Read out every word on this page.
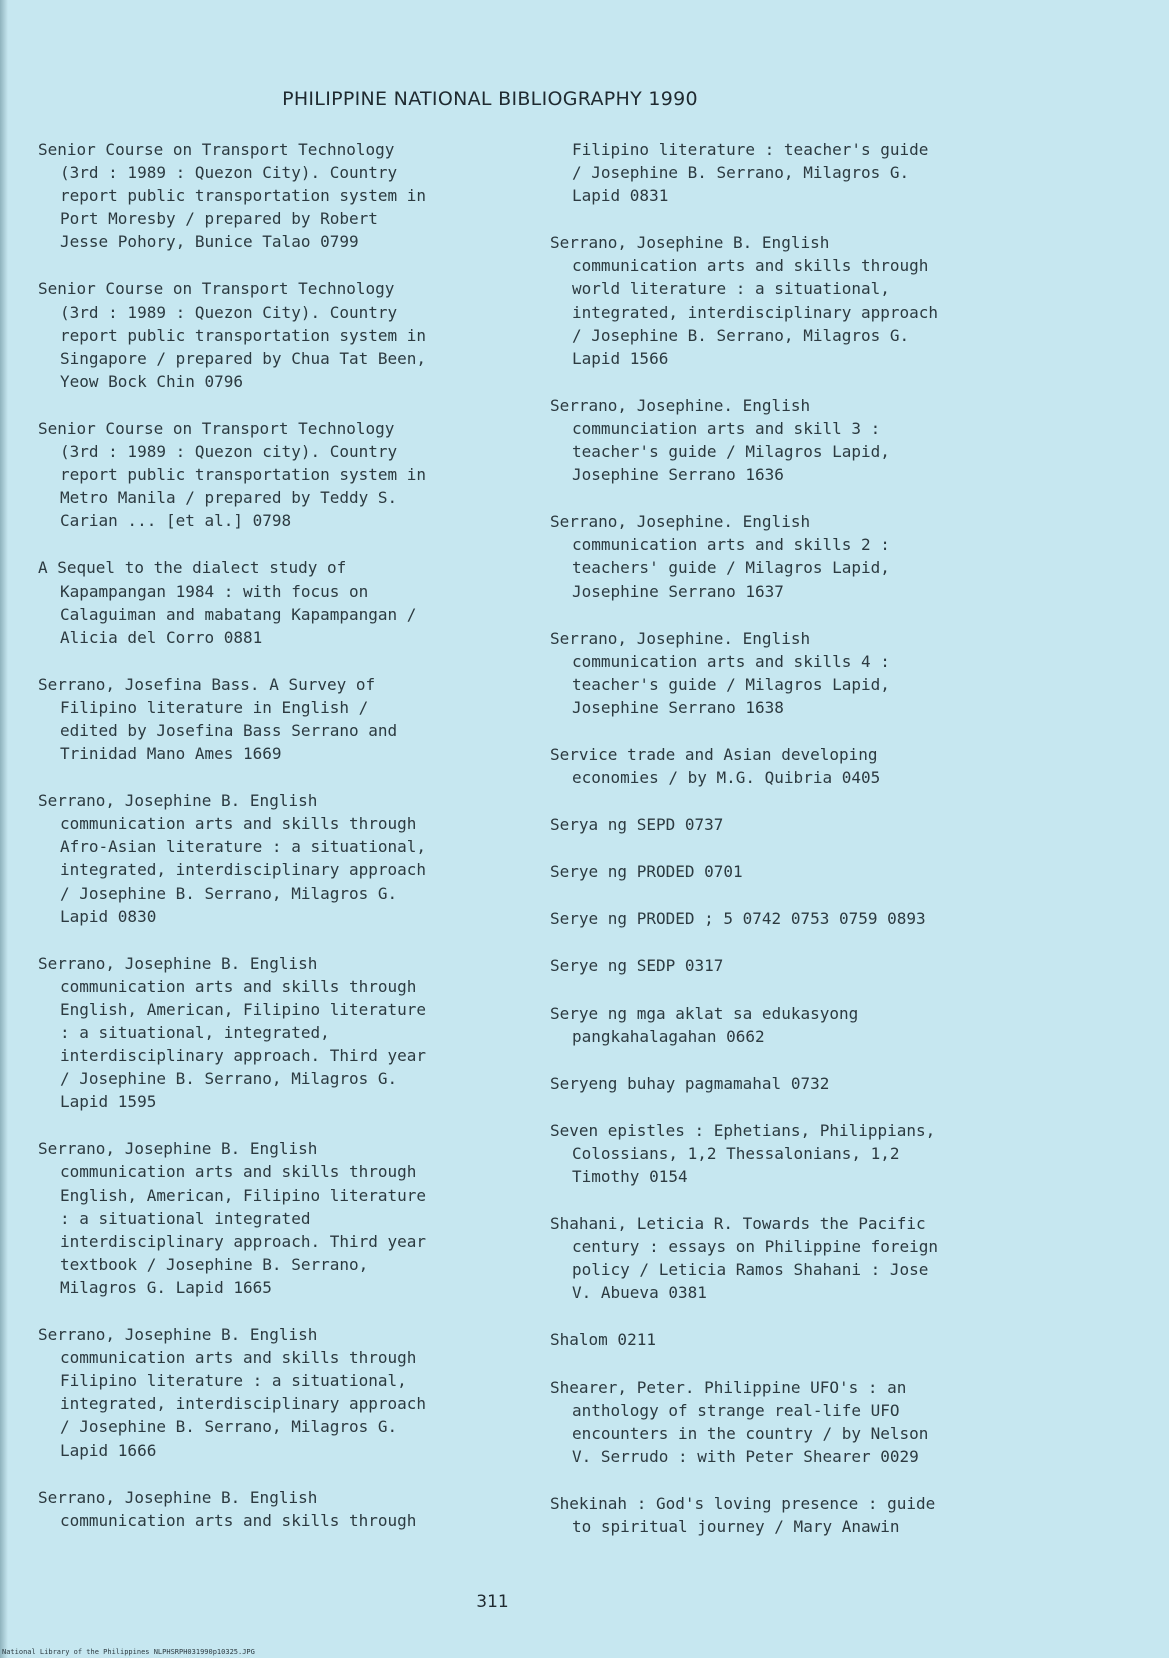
PHILIPPINE NATIONAL BIBLIOGRAPHY 1990
Senior Course on Transport Technology
(3rd : 1989 : Quezon City). Country
report public transportation system in
Port Moresby / prepared by Robert
Jesse Pohory, Bunice Talao 0799
Senior Course on Transport Technology
(3rd : 1989 : Quezon City). Country
report public transportation system in
Singapore / prepared by Chua Tat Been,
Yeow Bock Chin 0796
Senior Course on Transport Technology
(3rd : 1989 : Quezon city). Country
report public transportation system in
Metro Manila / prepared by Teddy S.
Carian ... [et al.] 0798
A Sequel to the dialect study of
Kapampangan 1984 : with focus on
Calaguiman and mabatang Kapampangan /
Alicia del Corro 0881
Serrano, Josefina Bass. A Survey of
Filipino literature in English /
edited by Josefina Bass Serrano and
Trinidad Mano Ames 1669
Serrano, Josephine B. English
communication arts and skills through
Afro-Asian literature : a situational,
integrated, interdisciplinary approach
/ Josephine B. Serrano, Milagros G.
Lapid 0830
Serrano, Josephine B. English
communication arts and skills through
English, American, Filipino literature
: a situational, integrated,
interdisciplinary approach. Third year
/ Josephine B. Serrano, Milagros G.
Lapid 1595
Serrano, Josephine B. English
communication arts and skills through
English, American, Filipino literature
: a situational integrated
interdisciplinary approach. Third year
textbook / Josephine B. Serrano,
Milagros G. Lapid 1665
Serrano, Josephine B. English
communication arts and skills through
Filipino literature : a situational,
integrated, interdisciplinary approach
/ Josephine B. Serrano, Milagros G.
Lapid 1666
Serrano, Josephine B. English
communication arts and skills through
Filipino literature : teacher's guide
/ Josephine B. Serrano, Milagros G.
Lapid 0831
Serrano, Josephine B. English
communication arts and skills through
world literature : a situational,
integrated, interdisciplinary approach
/ Josephine B. Serrano, Milagros G.
Lapid 1566
Serrano, Josephine. English
communciation arts and skill 3 :
teacher's guide / Milagros Lapid,
Josephine Serrano 1636
Serrano, Josephine. English
communication arts and skills 2 :
teachers' guide / Milagros Lapid,
Josephine Serrano 1637
Serrano, Josephine. English
communication arts and skills 4 :
teacher's guide / Milagros Lapid,
Josephine Serrano 1638
Service trade and Asian developing
economies / by M.G. Quibria 0405
Serya ng SEPD 0737
Serye ng PRODED 0701
Serye ng PRODED ; 5 0742 0753 0759 0893
Serye ng SEDP 0317
Serye ng mga aklat sa edukasyong
pangkahalagahan 0662
Seryeng buhay pagmamahal 0732
Seven epistles : Ephetians, Philippians,
Colossians, 1,2 Thessalonians, 1,2
Timothy 0154
Shahani, Leticia R. Towards the Pacific
century : essays on Philippine foreign
policy / Leticia Ramos Shahani : Jose
V. Abueva 0381
Shalom 0211
Shearer, Peter. Philippine UFO's : an
anthology of strange real-life UFO
encounters in the country / by Nelson
V. Serrudo : with Peter Shearer 0029
Shekinah : God's loving presence : guide
to spiritual journey / Mary Anawin
311
National Library of the Philippines NLPHSRPH031990p10325.JPG
